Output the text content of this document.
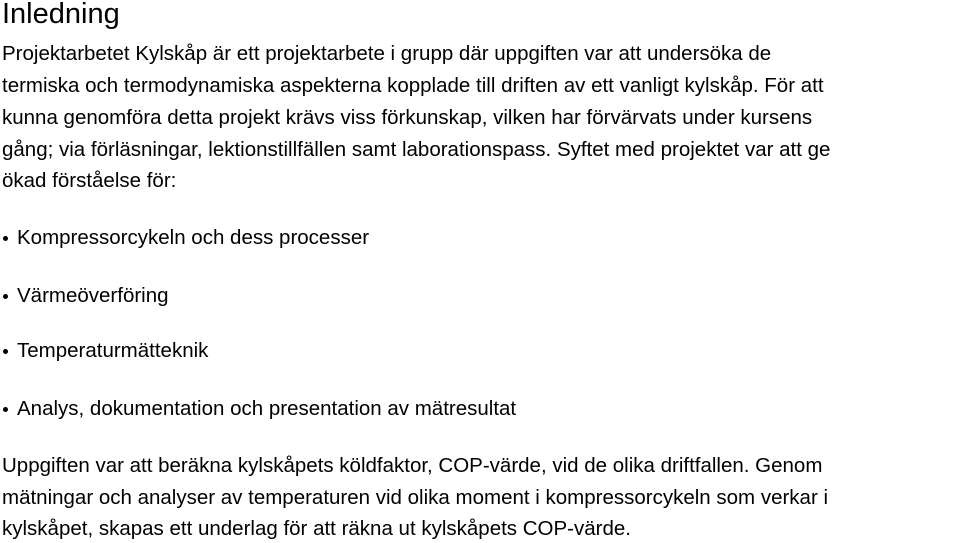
Inledning
Projektarbetet Kylskåp är ett projektarbete i grupp där uppgiften var att undersöka de
termiska och termodynamiska aspekterna kopplade till driften av ett vanligt kylskåp. För att
kunna genomföra detta projekt krävs viss förkunskap, vilken har förvärvats under kursens
gång; via förläsningar, lektionstillfällen samt laborationspass. Syftet med projektet var att ge
ökad förståelse för:
Kompressorcykeln och dess processer
Värmeöverföring
Temperaturmätteknik
Analys, dokumentation och presentation av mätresultat
Uppgiften var att beräkna kylskåpets köldfaktor, COP-värde, vid de olika driftfallen. Genom
mätningar och analyser av temperaturen vid olika moment i kompressorcykeln som verkar i
kylskåpet, skapas ett underlag för att räkna ut kylskåpets COP-värde.
